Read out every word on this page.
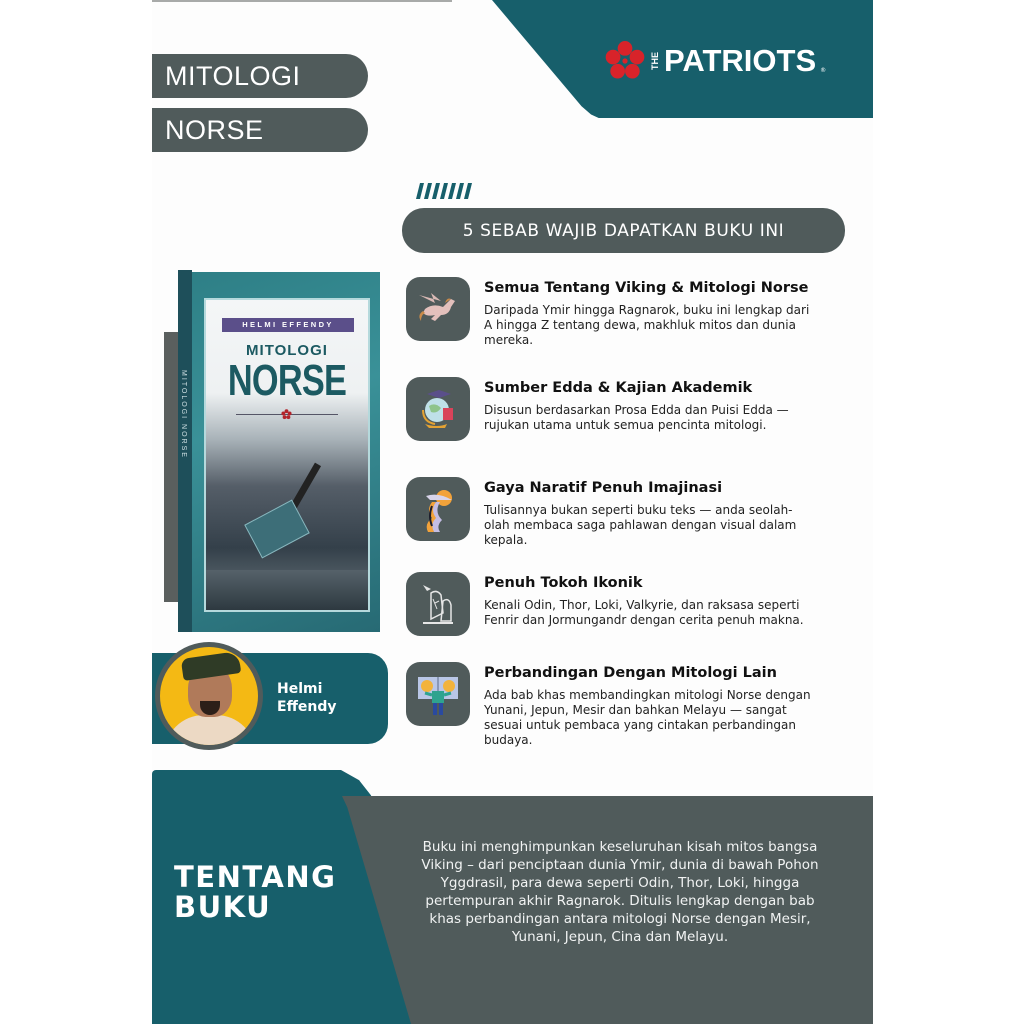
THE PATRIOTS ®
MITOLOGI
NORSE
5 SEBAB WAJIB DAPATKAN BUKU INI
Semua Tentang Viking & Mitologi Norse
Daripada Ymir hingga Ragnarok, buku ini lengkap dari A hingga Z tentang dewa, makhluk mitos dan dunia mereka.
Sumber Edda & Kajian Akademik
Disusun berdasarkan Prosa Edda dan Puisi Edda —rujukan utama untuk semua pencinta mitologi.
Gaya Naratif Penuh Imajinasi
Tulisannya bukan seperti buku teks — anda seolah-olah membaca saga pahlawan dengan visual dalam kepala.
Penuh Tokoh Ikonik
Kenali Odin, Thor, Loki, Valkyrie, dan raksasa seperti Fenrir dan Jormungandr dengan cerita penuh makna.
Perbandingan Dengan Mitologi Lain
Ada bab khas membandingkan mitologi Norse dengan Yunani, Jepun, Mesir dan bahkan Melayu — sangat sesuai untuk pembaca yang cintakan perbandingan budaya.
MITOLOGI NORSE
HELMI EFFENDY
MITOLOGI
NORSE
Helmi
Effendy
TENTANG
BUKU
Buku ini menghimpunkan keseluruhan kisah mitos bangsa Viking – dari penciptaan dunia Ymir, dunia di bawah Pohon Yggdrasil, para dewa seperti Odin, Thor, Loki, hingga pertempuran akhir Ragnarok. Ditulis lengkap dengan bab khas perbandingan antara mitologi Norse dengan Mesir, Yunani, Jepun, Cina dan Melayu.
